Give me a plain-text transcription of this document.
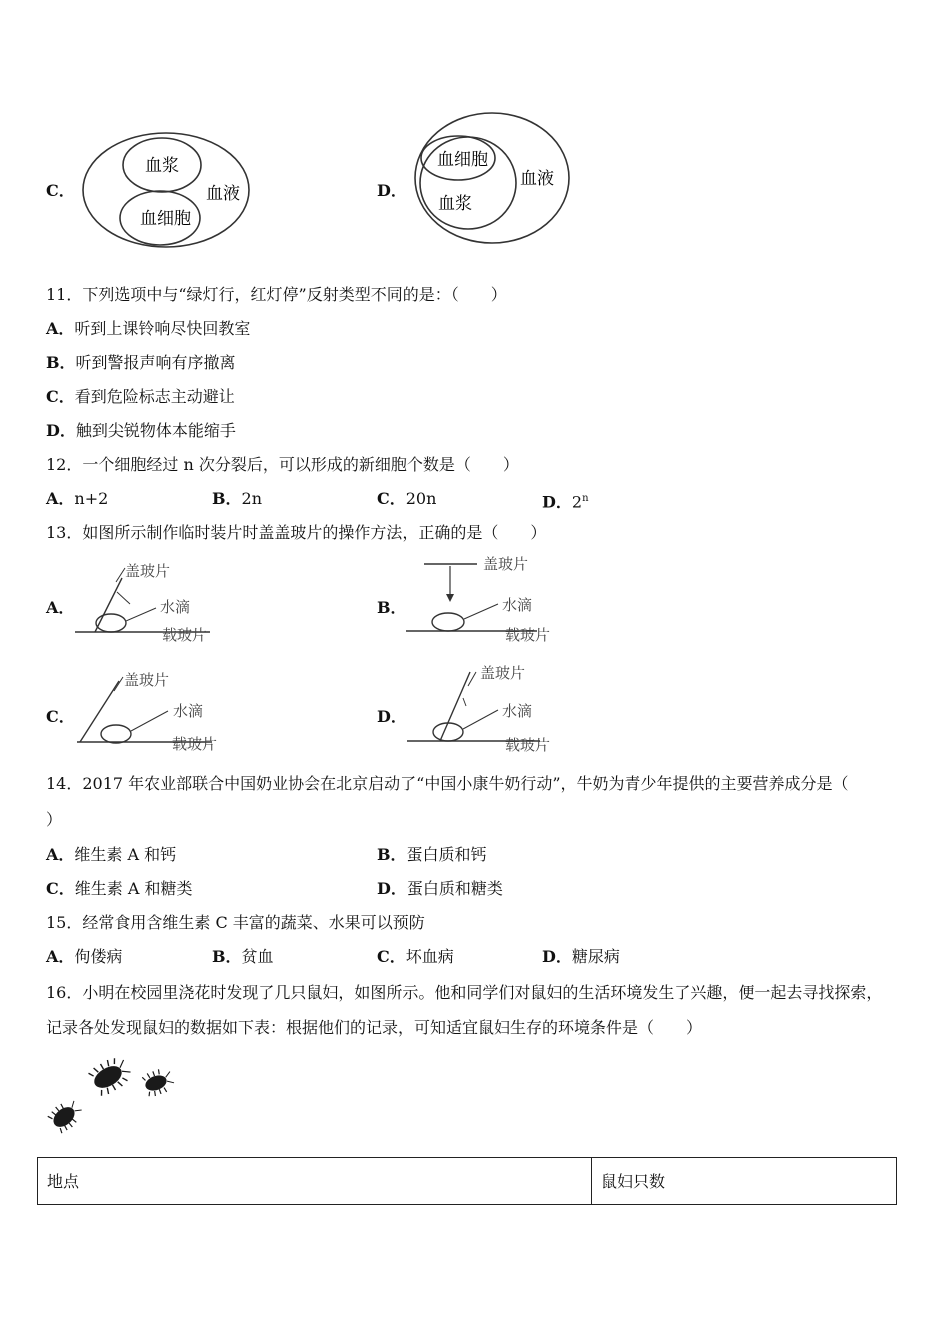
C．
血浆
血细胞
血液	D．
血细胞
血浆
血液
11．下列选项中与“绿灯行，红灯停”反射类型不同的是：（　　）
A．听到上课铃响尽快回教室
B．听到警报声响有序撤离
C．看到危险标志主动避让
D．触到尖锐物体本能缩手
12．一个细胞经过 n 次分裂后，可以形成的新细胞个数是（　　）
A．n+2	B．2n	C．20n	D．2$^n$
13．如图所示制作临时装片时盖盖玻片的操作方法，正确的是（　　）
A．
盖玻片
水滴
载玻片
B．
盖玻片
水滴
载玻片
C．
盖玻片
水滴
载玻片
D．
盖玻片
水滴
载玻片
14．2017 年农业部联合中国奶业协会在北京启动了“中国小康牛奶行动”，牛奶为青少年提供的主要营养成分是（
）
A．维生素 A 和钙	B．蛋白质和钙
C．维生素 A 和糖类	D．蛋白质和糖类
15．经常食用含维生素 C 丰富的蔬菜、水果可以预防
A．佝偻病	B．贫血	C．坏血病	D．糖尿病
16．小明在校园里浇花时发现了几只鼠妇，如图所示。他和同学们对鼠妇的生活环境发生了兴趣，便一起去寻找探索，
记录各处发现鼠妇的数据如下表：根据他们的记录，可知适宜鼠妇生存的环境条件是（　　）
地点	鼠妇只数
